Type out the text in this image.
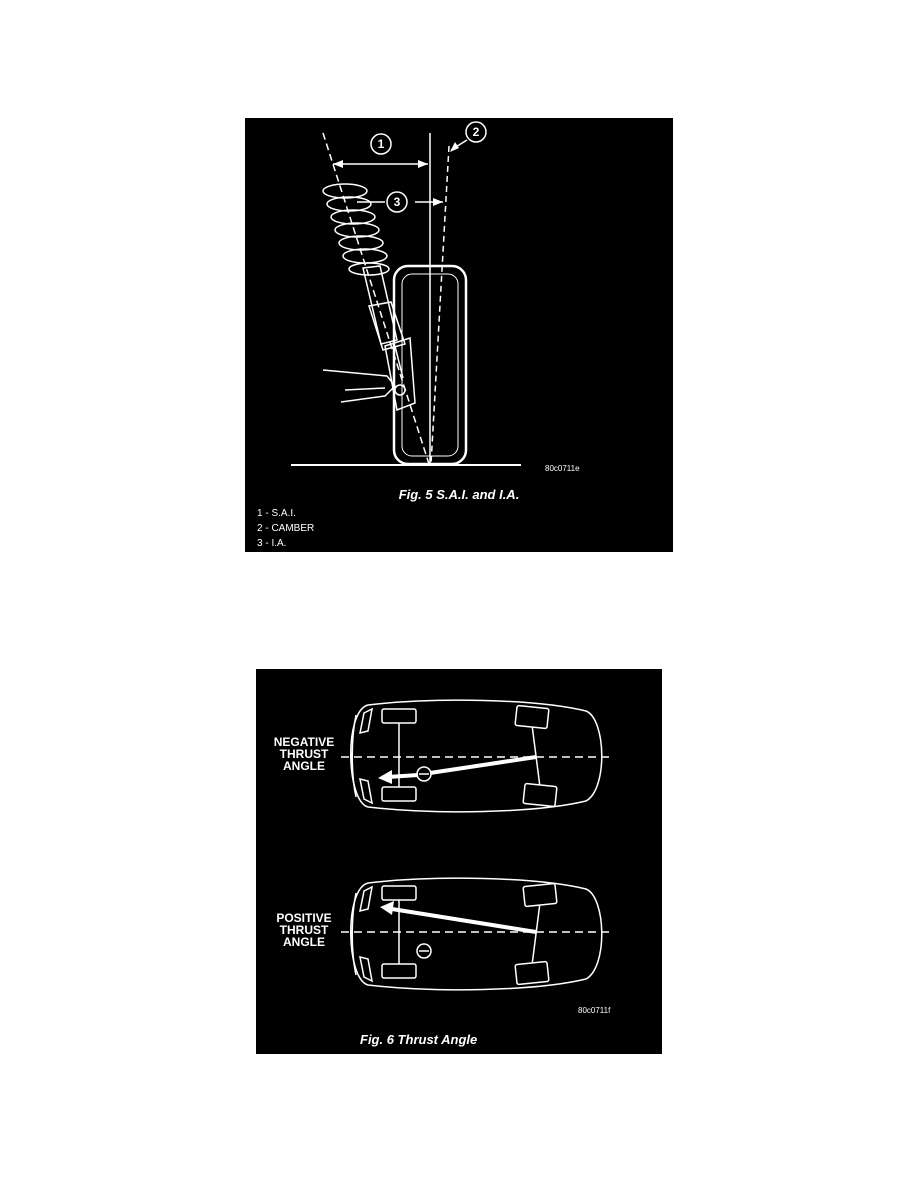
1
2
3
80c0711e
Fig. 5 S.A.I. and I.A.
1 - S.A.I.
2 - CAMBER
3 - I.A.
NEGATIVE
THRUST
ANGLE
POSITIVE
THRUST
ANGLE
80c0711f
Fig. 6 Thrust Angle
